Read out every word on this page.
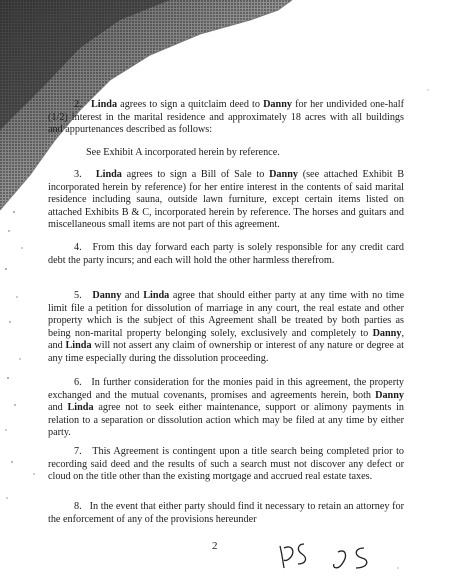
2. Linda agrees to sign a quitclaim deed to Danny for her undivided one-half (1/2) interest in the marital residence and approximately 18 acres with all buildings and appurtenances described as follows:

See Exhibit A incorporated herein by reference.

3. Linda agrees to sign a Bill of Sale to Danny (see attached Exhibit B incorporated herein by reference) for her entire interest in the contents of said marital residence including sauna, outside lawn furniture, except certain items listed on attached Exhibits B & C, incorporated herein by reference. The horses and guitars and miscellaneous small items are not part of this agreement.

4.   From this day forward each party is solely responsible for any credit card debt the party incurs; and each will hold the other harmless therefrom.

5. Danny and Linda agree that should either party at any time with no time limit file a petition for dissolution of marriage in any court, the real estate and other property which is the subject of this Agreement shall be treated by both parties as being non-marital property belonging solely, exclusively and completely to Danny, and Linda will not assert any claim of ownership or interest of any nature or degree at any time especially during the dissolution proceeding.

6.   In further consideration for the monies paid in this agreement, the property exchanged and the mutual covenants, promises and agreements herein, both Danny and Linda agree not to seek either maintenance, support or alimony payments in relation to a separation or dissolution action which may be filed at any time by either party.

7.   This Agreement is contingent upon a title search being completed prior to recording said deed and the results of such a search must not discover any defect or cloud on the title other than the existing mortgage and accrued real estate taxes.

8.   In the event that either party should find it necessary to retain an attorney for the enforcement of any of the provisions hereunder

2
